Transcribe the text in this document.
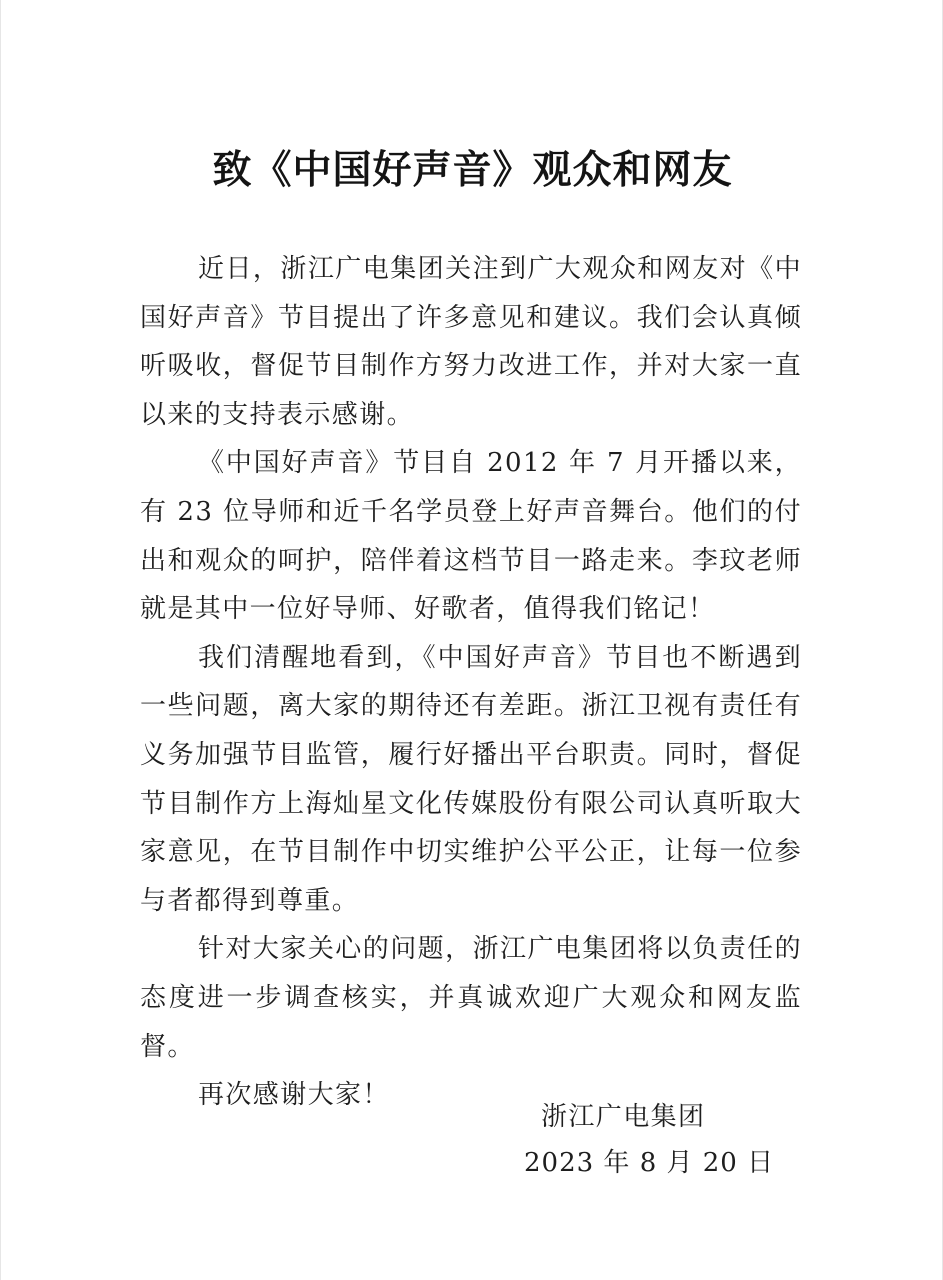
致《中国好声音》观众和网友

近日，浙江广电集团关注到广大观众和网友对《中国好声音》节目提出了许多意见和建议。我们会认真倾听吸收，督促节目制作方努力改进工作，并对大家一直以来的支持表示感谢。

《中国好声音》节目自 2012 年 7 月开播以来，有 23 位导师和近千名学员登上好声音舞台。他们的付出和观众的呵护，陪伴着这档节目一路走来。李玟老师就是其中一位好导师、好歌者，值得我们铭记！

我们清醒地看到，《中国好声音》节目也不断遇到一些问题，离大家的期待还有差距。浙江卫视有责任有义务加强节目监管，履行好播出平台职责。同时，督促节目制作方上海灿星文化传媒股份有限公司认真听取大家意见，在节目制作中切实维护公平公正，让每一位参与者都得到尊重。

针对大家关心的问题，浙江广电集团将以负责任的态度进一步调查核实，并真诚欢迎广大观众和网友监督。

再次感谢大家！

浙江广电集团
2023 年 8 月 20 日
